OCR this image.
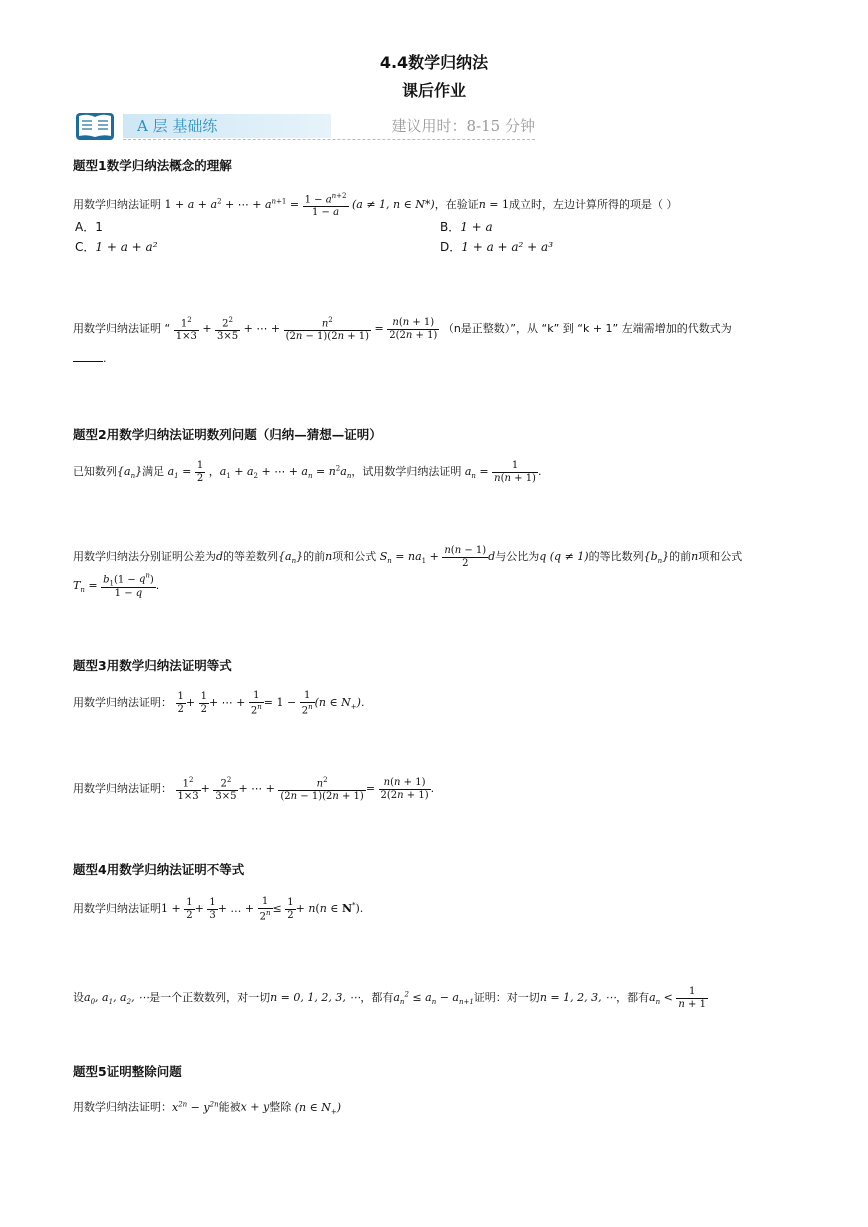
4.4数学归纳法
课后作业
A 层 基础练	建议用时：8-15 分钟
题型1数学归纳法概念的理解
用数学归纳法证明 $1 + a + a^2$ + ⋯ + $a^{n+1} = \frac{1 - a^{n+2}}{1 - a} (a \ne 1$, n ∈ N*)，在验证n = 1成立时，左边计算所得的项是（ ）
A．1	B．1 + a
C．1 + a + a²	D．1 + a + a² + a³
用数学归纳法证明 “ $\frac{1^2}{1\times 3} + \frac{2^2}{3\times 5}$ + ⋯ + $\frac{n^2}{(2n - 1)(2n + 1)} = \frac{n(n + 1)}{2(2n + 1)} (n$是正整数）”，从 “k” 到 “k + 1” 左端需增加的代数式为
.
题型2用数学归纳法证明数列问题（归纳—猜想—证明）
已知数列$\{a_n\}$满足 $a_1 = \frac{1}{2}$ ，$a_1 + a_2$ + ⋯ + $a_n = n^2a_n$，试用数学归纳法证明 $a_n = \frac{1}{n(n + 1)}$ .
用数学归纳法分别证明公差为d的等差数列$\{a_n\}$的前n项和公式 $S_n = na_1 + \frac{n(n - 1)}{2}$ d与公比为q (q ≠ 1)的等比数列$\{b_n\}$的前n项和公式
$T_n = \frac{b_1(1 - q^n)}{1 - q}$ .
题型3用数学归纳法证明等式
用数学归纳法证明： $\frac{1}{2} + \frac{1}{2}$ + ⋯ + $\frac{1}{2^n} = 1 - \frac{1}{2^n} (n$ ∈ $N_+$).
用数学归纳法证明： $\frac{1^2}{1\times 3} + \frac{2^2}{3\times 5}$ + ⋯ + $\frac{n^2}{(2n - 1)(2n + 1)} = \frac{n(n + 1)}{2(2n + 1)}$ .
题型4用数学归纳法证明不等式
用数学归纳法证明$1 + \frac{1}{2} + \frac{1}{3}$ + … + $\frac{1}{2^n} \le \frac{1}{2} + n(n$ ∈ N*).
设$a_0$, $a_1$, $a_2$, ⋯是一个正数数列，对一切n = 0, 1, 2, 3, ⋯，都有$a_n^2 \le a_n - a_{n+1}$证明：对一切n = 1, 2, 3, ⋯，都有$a_n < \frac{1}{n + 1}$
题型5证明整除问题
用数学归纳法证明：$x^{2n} - y^{2n}$能被x + y整除 (n ∈ $N_+$)
